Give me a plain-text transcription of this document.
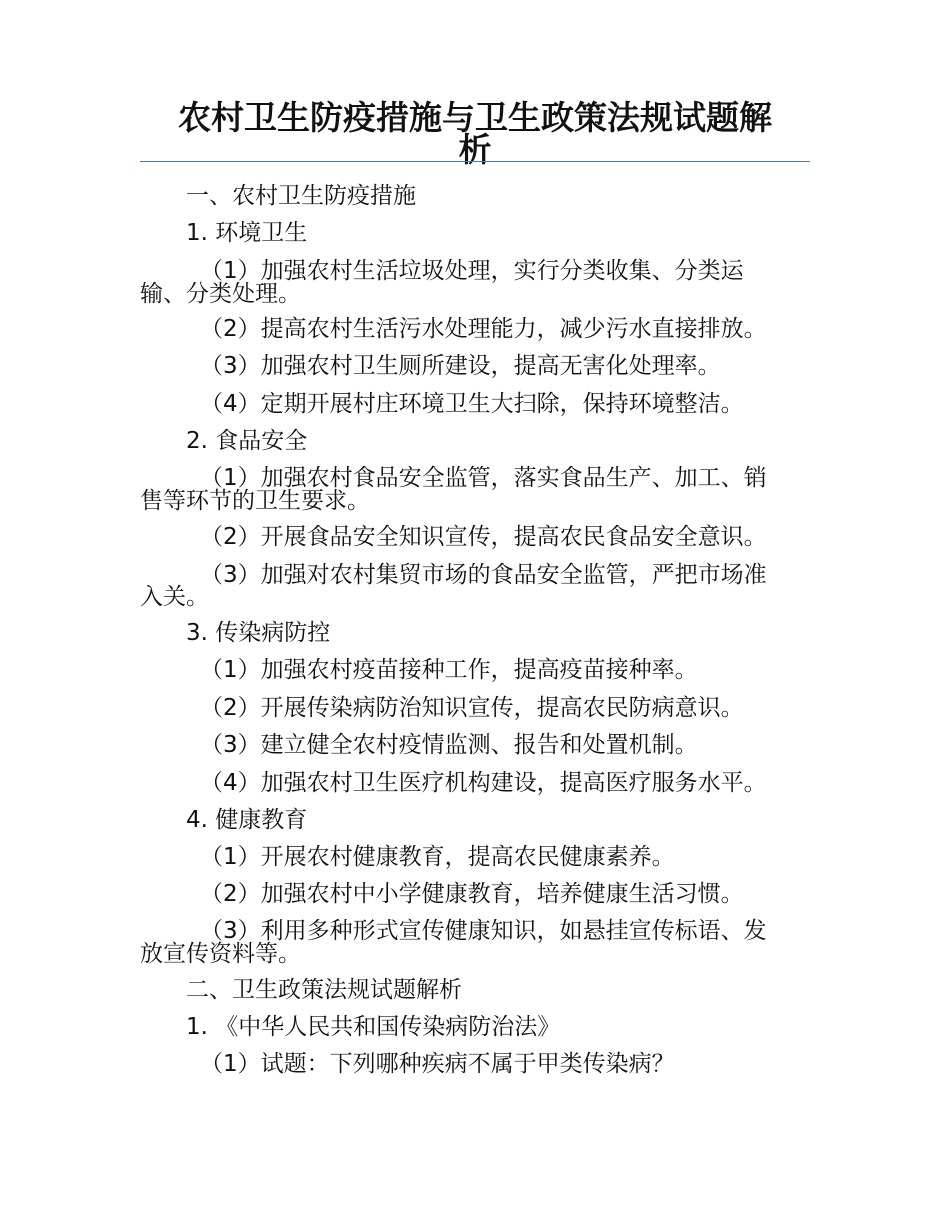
农村卫生防疫措施与卫生政策法规试题解
析
一、农村卫生防疫措施
1. 环境卫生
（1）加强农村生活垃圾处理，实行分类收集、分类运
输、分类处理。
（2）提高农村生活污水处理能力，减少污水直接排放。
（3）加强农村卫生厕所建设，提高无害化处理率。
（4）定期开展村庄环境卫生大扫除，保持环境整洁。
2. 食品安全
（1）加强农村食品安全监管，落实食品生产、加工、销
售等环节的卫生要求。
（2）开展食品安全知识宣传，提高农民食品安全意识。
（3）加强对农村集贸市场的食品安全监管，严把市场准
入关。
3. 传染病防控
（1）加强农村疫苗接种工作，提高疫苗接种率。
（2）开展传染病防治知识宣传，提高农民防病意识。
（3）建立健全农村疫情监测、报告和处置机制。
（4）加强农村卫生医疗机构建设，提高医疗服务水平。
4. 健康教育
（1）开展农村健康教育，提高农民健康素养。
（2）加强农村中小学健康教育，培养健康生活习惯。
（3）利用多种形式宣传健康知识，如悬挂宣传标语、发
放宣传资料等。
二、卫生政策法规试题解析
1. 《中华人民共和国传染病防治法》
（1）试题：下列哪种疾病不属于甲类传染病？
